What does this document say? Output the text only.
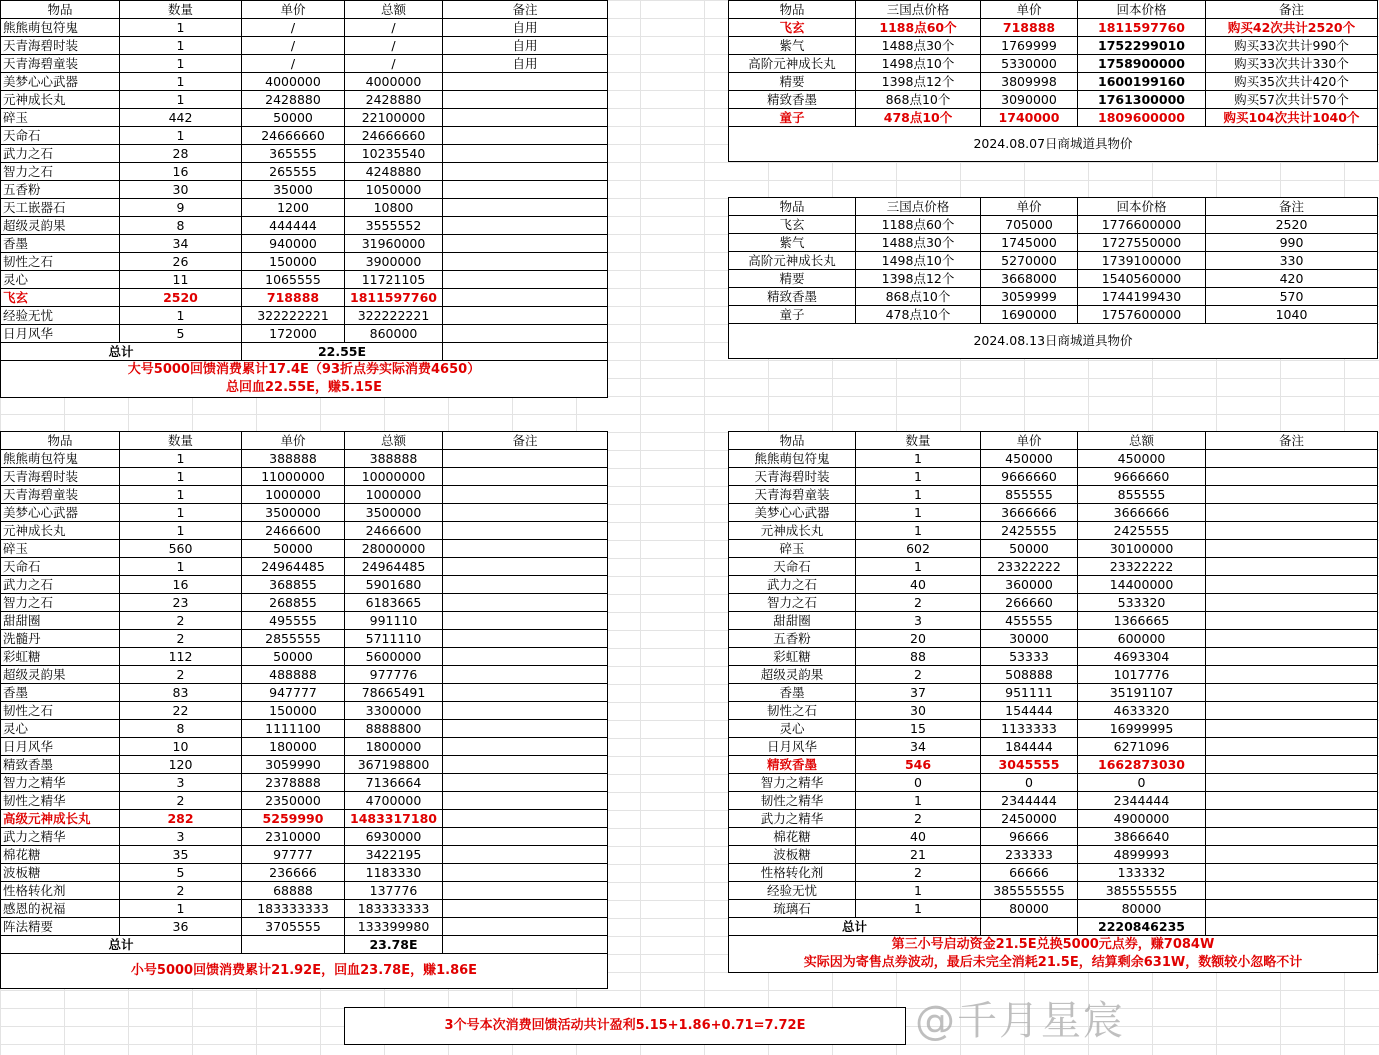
物品	数量	单价	总额	备注
熊熊萌包符鬼	1	/	/	自用
天青海碧时装	1	/	/	自用
天青海碧童装	1	/	/	自用
美梦心心武器	1	4000000	4000000	
元神成长丸	1	2428880	2428880	
碎玉	442	50000	22100000	
天命石	1	24666660	24666660	
武力之石	28	365555	10235540	
智力之石	16	265555	4248880	
五香粉	30	35000	1050000	
天工嵌器石	9	1200	10800	
超级灵韵果	8	444444	3555552	
香墨	34	940000	31960000	
韧性之石	26	150000	3900000	
灵心	11	1065555	11721105	
飞玄	2520	718888	1811597760	
经验无忧	1	322222221	322222221	
日月风华	5	172000	860000	
总计		22.55E		

大号5000回馈消费累计17.4E（93折点券实际消费4650）
总回血22.55E，赚5.15E				
物品	三国点价格	单价	回本价格	备注
飞玄	1188点60个	718888	1811597760	购买42次共计2520个
紫气	1488点30个	1769999	1752299010	购买33次共计990个
高阶元神成长丸	1498点10个	5330000	1758900000	购买33次共计330个
精要	1398点12个	3809998	1600199160	购买35次共计420个
精致香墨	868点10个	3090000	1761300000	购买57次共计570个
童子	478点10个	1740000	1809600000	购买104次共计1040个
2024.08.07日商城道具物价				
物品	三国点价格	单价	回本价格	备注
飞玄	1188点60个	705000	1776600000	2520
紫气	1488点30个	1745000	1727550000	990
高阶元神成长丸	1498点10个	5270000	1739100000	330
精要	1398点12个	3668000	1540560000	420
精致香墨	868点10个	3059999	1744199430	570
童子	478点10个	1690000	1757600000	1040
2024.08.13日商城道具物价				
物品	数量	单价	总额	备注
熊熊萌包符鬼	1	388888	388888	
天青海碧时装	1	11000000	10000000	
天青海碧童装	1	1000000	1000000	
美梦心心武器	1	3500000	3500000	
元神成长丸	1	2466600	2466600	
碎玉	560	50000	28000000	
天命石	1	24964485	24964485	
武力之石	16	368855	5901680	
智力之石	23	268855	6183665	
甜甜圈	2	495555	991110	
洗髓丹	2	2855555	5711110	
彩虹糖	112	50000	5600000	
超级灵韵果	2	488888	977776	
香墨	83	947777	78665491	
韧性之石	22	150000	3300000	
灵心	8	1111100	8888800	
日月风华	10	180000	1800000	
精致香墨	120	3059990	367198800	
智力之精华	3	2378888	7136664	
韧性之精华	2	2350000	4700000	
高级元神成长丸	282	5259990	1483317180	
武力之精华	3	2310000	6930000	
棉花糖	35	97777	3422195	
波板糖	5	236666	1183330	
性格转化剂	2	68888	137776	
感恩的祝福	1	183333333	183333333	
阵法精要	36	3705555	133399980	
总计			23.78E	
小号5000回馈消费累计21.92E，回血23.78E，赚1.86E				
物品	数量	单价	总额	备注
熊熊萌包符鬼	1	450000	450000	
天青海碧时装	1	9666660	9666660	
天青海碧童装	1	855555	855555	
美梦心心武器	1	3666666	3666666	
元神成长丸	1	2425555	2425555	
碎玉	602	50000	30100000	
天命石	1	23322222	23322222	
武力之石	40	360000	14400000	
智力之石	2	266660	533320	
甜甜圈	3	455555	1366665	
五香粉	20	30000	600000	
彩虹糖	88	53333	4693304	
超级灵韵果	2	508888	1017776	
香墨	37	951111	35191107	
韧性之石	30	154444	4633320	
灵心	15	1133333	16999995	
日月风华	34	184444	6271096	
精致香墨	546	3045555	1662873030	
智力之精华	0	0	0	
韧性之精华	1	2344444	2344444	
武力之精华	2	2450000	4900000	
棉花糖	40	96666	3866640	
波板糖	21	233333	4899993	
性格转化剂	2	66666	133332	
经验无忧	1	385555555	385555555	
琉璃石	1	80000	80000	
总计			2220846235	

第三小号启动资金21.5E兑换5000元点券，赚7084W
实际因为寄售点券波动，最后未完全消耗21.5E，结算剩余631W，数额较小忽略不计				
3个号本次消费回馈活动共计盈利5.15+1.86+0.71=7.72E	@千月星宸
